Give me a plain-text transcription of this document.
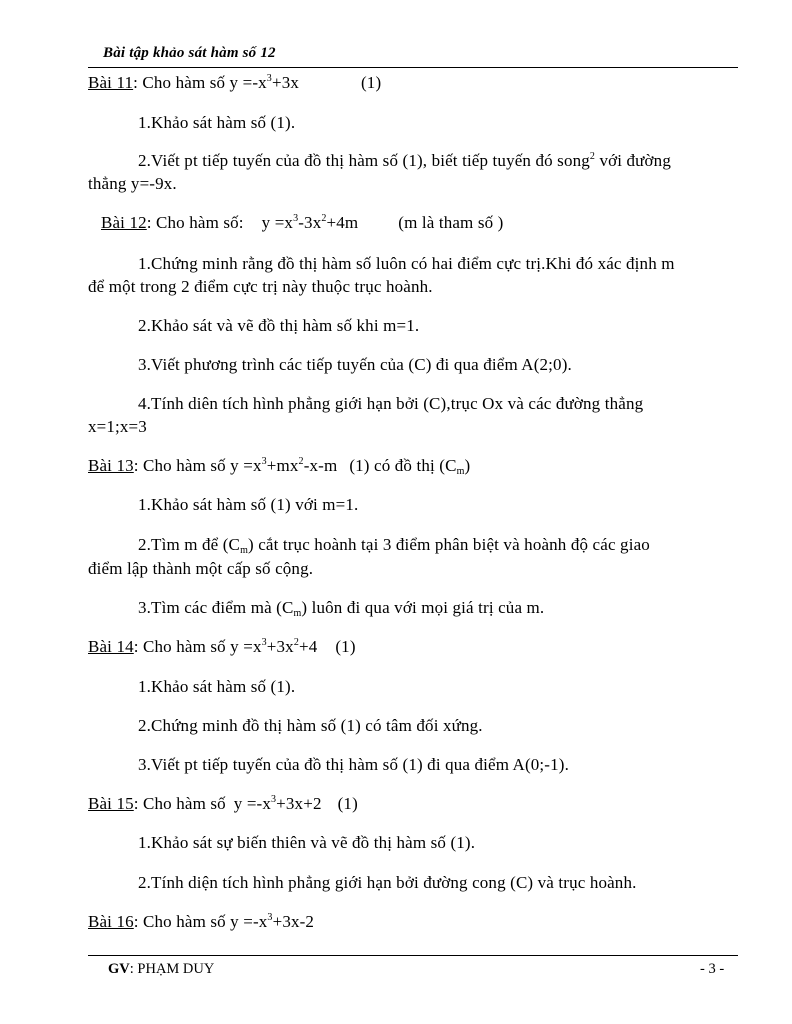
Bài tập khảo sát hàm số 12
Bài 11: Cho hàm số $y =-x^3+3x$	(1)
1.Khảo sát hàm số (1).
2.Viết pt tiếp tuyến của đồ thị hàm số (1), biết tiếp tuyến đó song$^2$ với đường
thẳng y=-9x.
Bài 12: Cho hàm số: $y =x^3-3x^2+4m$ (m là tham số )
1.Chứng minh rằng đồ thị hàm số luôn có hai điểm cực trị.Khi đó xác định m
để một trong 2 điểm cực trị này thuộc trục hoành.
2.Khảo sát và vẽ đồ thị hàm số khi m=1.
3.Viết phương trình các tiếp tuyến của (C) đi qua điểm A(2;0).
4.Tính diên tích hình phẳng giới hạn bởi (C),trục Ox và các đường thẳng
x=1;x=3
Bài 13: Cho hàm số $y =x^3+mx^2-x-m$ (1) có đồ thị $(C_m)$
1.Khảo sát hàm số (1) với m=1.
2.Tìm m để $(C_m)$ cắt trục hoành tại 3 điểm phân biệt và hoành độ các giao
điểm lập thành một cấp số cộng.
3.Tìm các điểm mà $(C_m)$ luôn đi qua với mọi giá trị của m.
Bài 14: Cho hàm số $y =x^3+3x^2+4$ (1)
1.Khảo sát hàm số (1).
2.Chứng minh đồ thị hàm số (1) có tâm đối xứng.
3.Viết pt tiếp tuyến của đồ thị hàm số (1) đi qua điểm A(0;-1).
Bài 15: Cho hàm số $y =-x^3+3x+2$ (1)
1.Khảo sát sự biến thiên và vẽ đồ thị hàm số (1).
2.Tính diện tích hình phẳng giới hạn bởi đường cong (C) và trục hoành.
Bài 16: Cho hàm số $y =-x^3+3x-2$
GV: PHẠM DUY	- 3 -
